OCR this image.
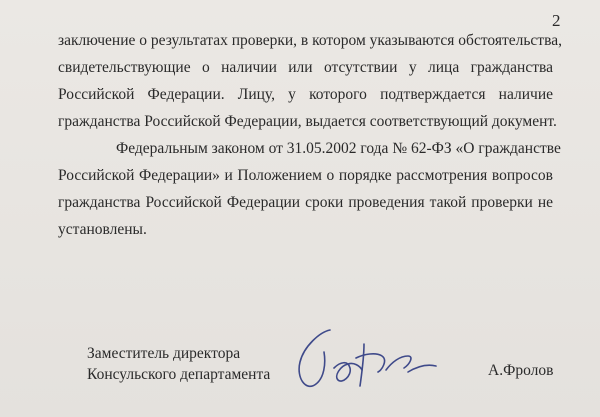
2
заключение о результатах проверки, в котором указываются обстоятельства,
свидетельствующие о наличии или отсутствии у лица гражданства
Российской Федерации. Лицу, у которого подтверждается наличие
гражданства Российской Федерации, выдается соответствующий документ.
Федеральным законом от 31.05.2002 года № 62-ФЗ «О гражданстве
Российской Федерации» и Положением о порядке рассмотрения вопросов
гражданства Российской Федерации сроки проведения такой проверки не
установлены.
Заместитель директора
Консульского департамента	А.Фролов
